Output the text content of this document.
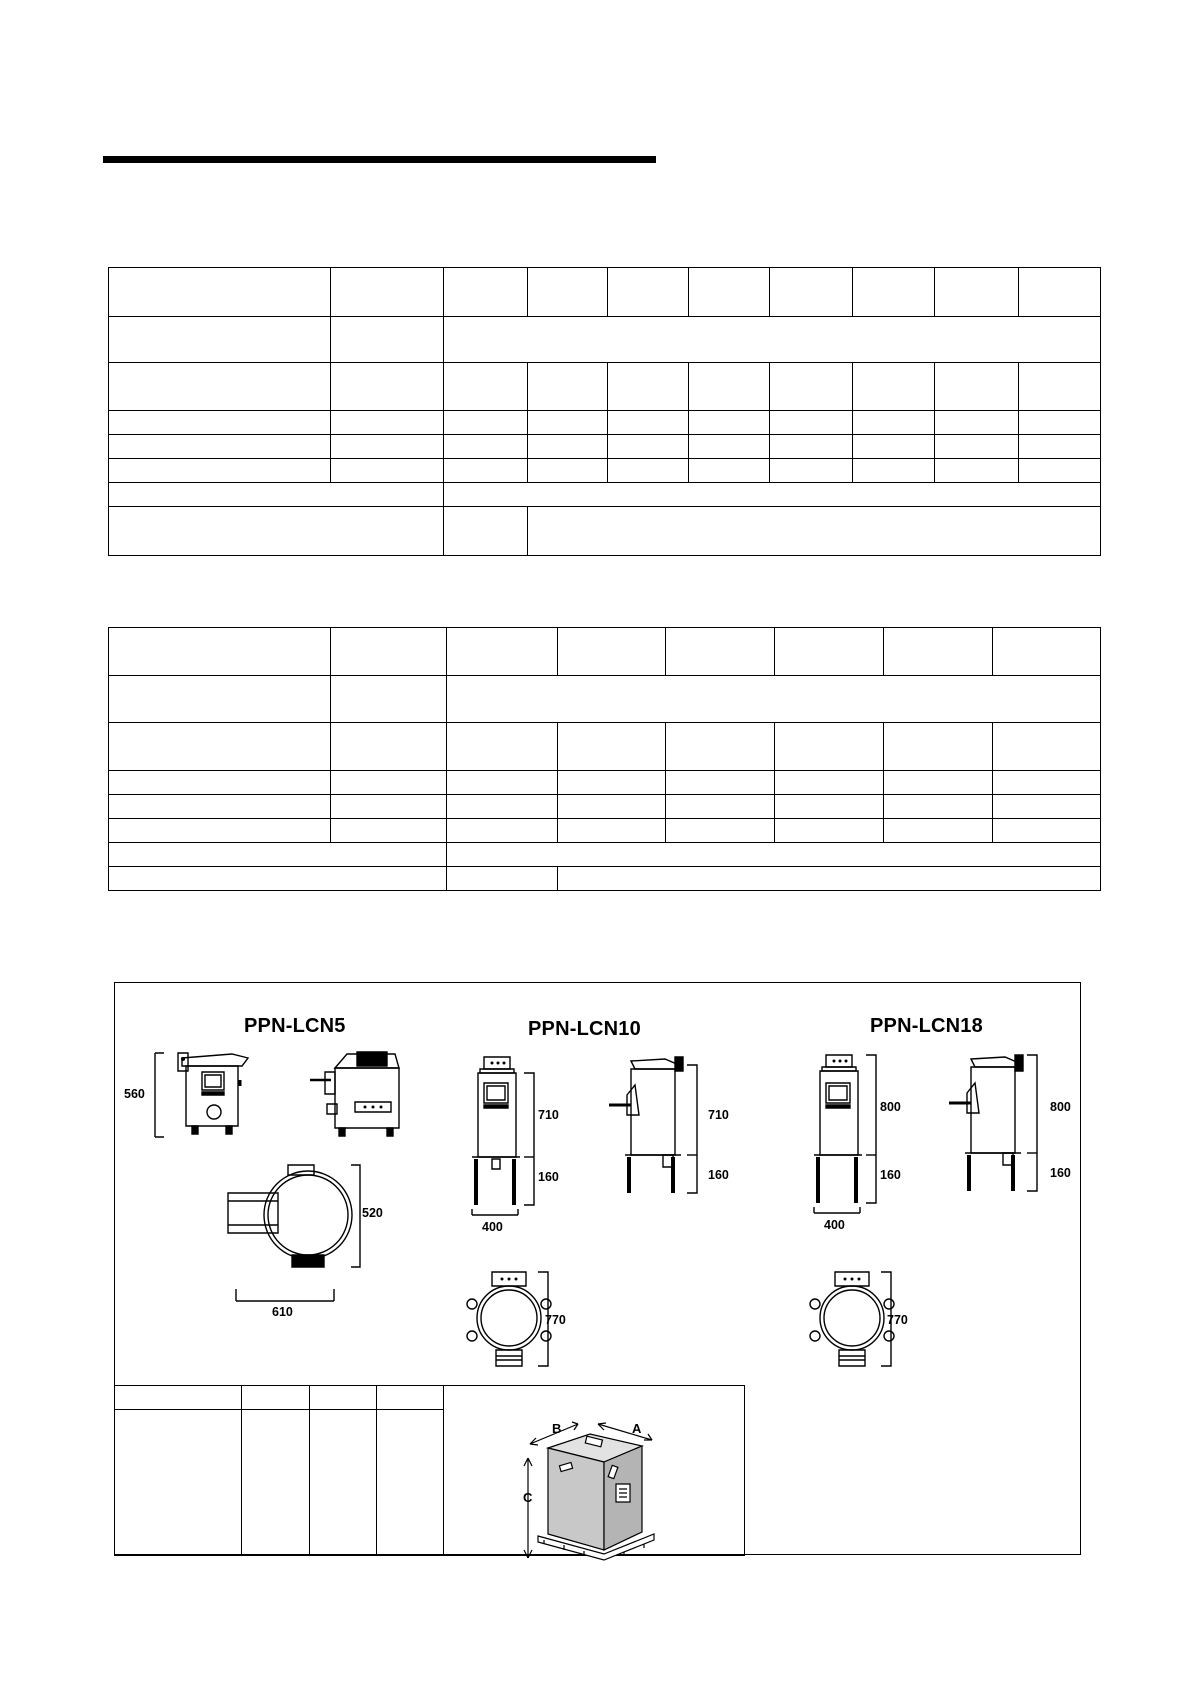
PPN-LCN5	PPN-LCN10	PPN-LCN18
560
520
610
710
160
400
710
160
770
800
160
400
800
160
770

B	A
C
